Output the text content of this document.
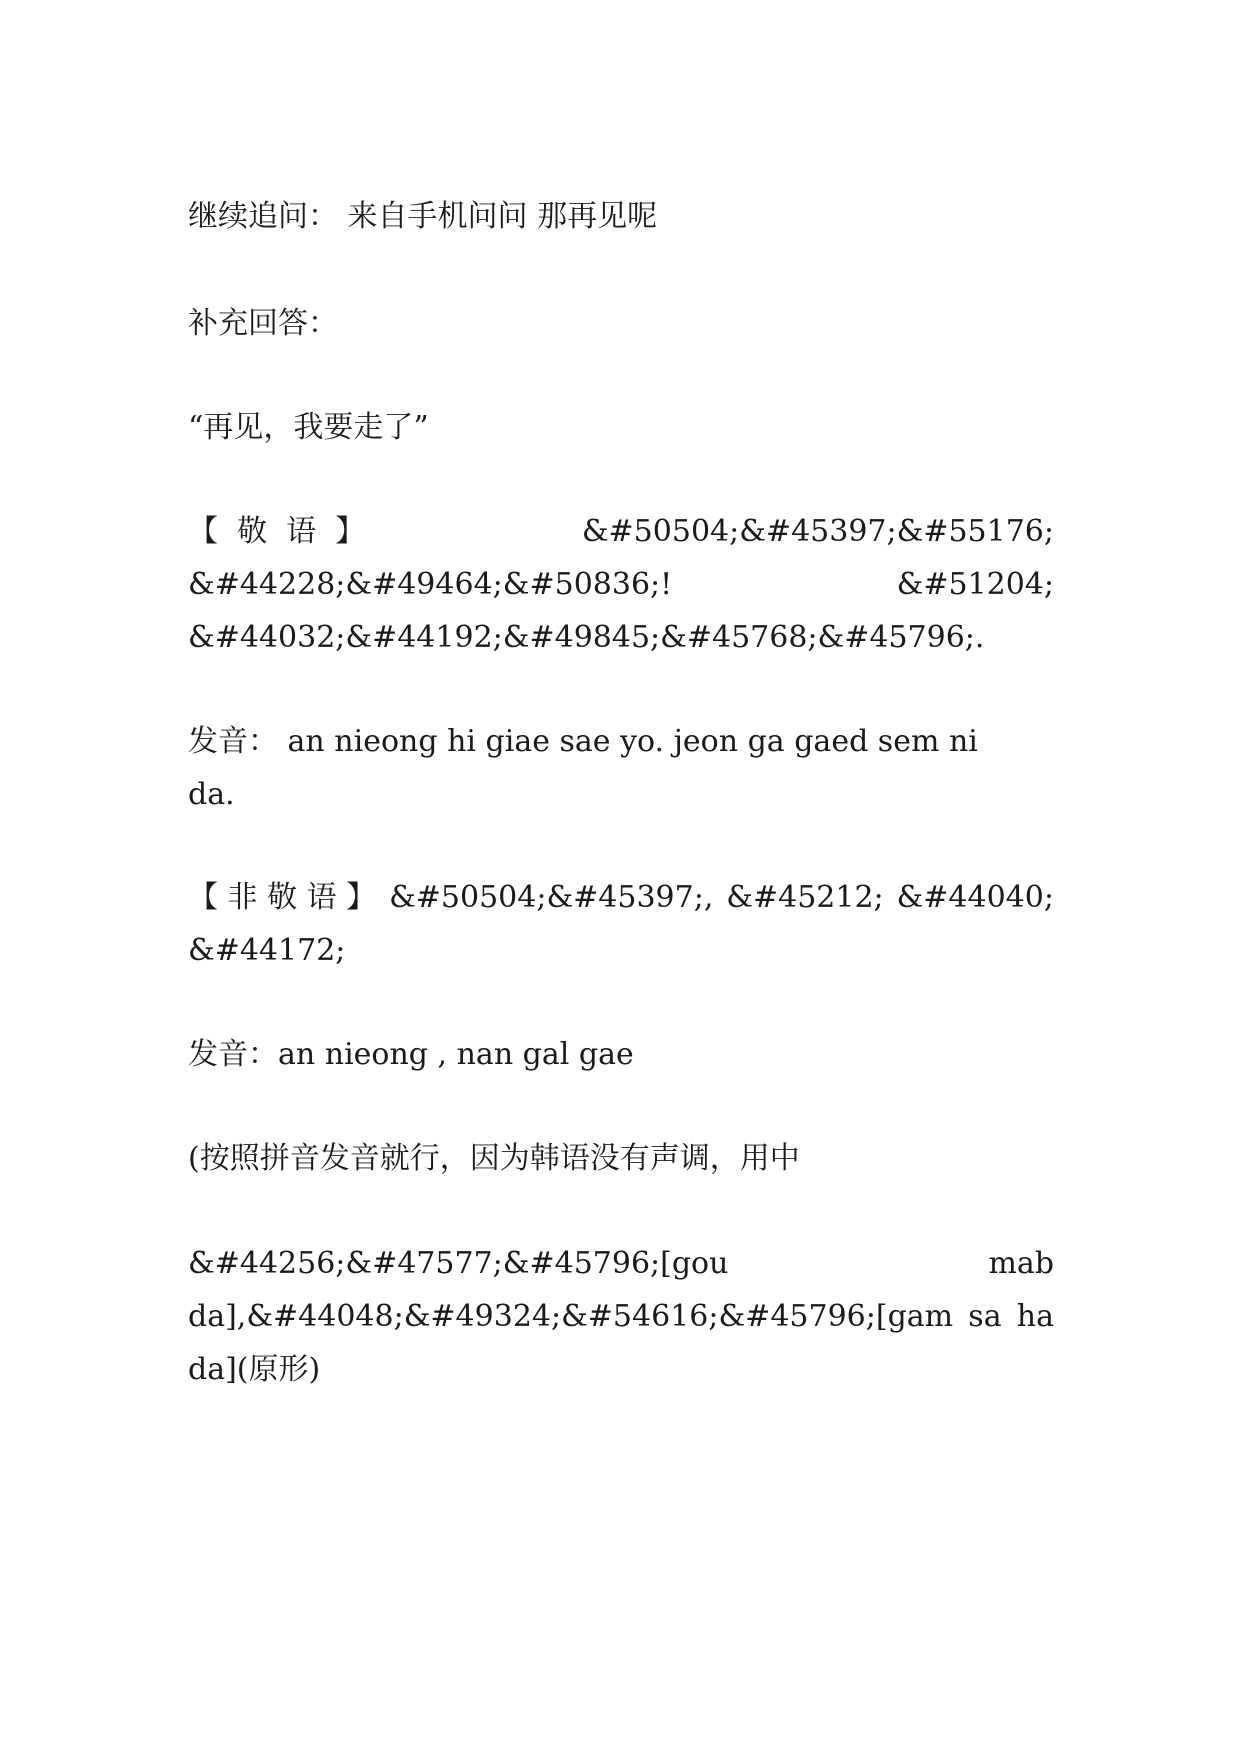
继续追问： 来自手机问问 那再见呢

补充回答：

“再见，我要走了”

【  敬  语  】	&#50504;&#45397;&#55176;
&#44228;&#49464;&#50836;!	&#51204;

&#44032;&#44192;&#49845;&#45768;&#45796;.

发音： an nieong hi giae sae yo. jeon ga gaed sem ni

da.

【 非 敬 语 】 &#50504;&#45397;, &#45212; &#44040;

&#44172;

发音：an nieong , nan gal gae

(按照拼音发音就行，因为韩语没有声调，用中

&#44256;&#47577;&#45796;[gou	mab
da],&#44048;&#49324;&#54616;&#45796;[gam sa ha

da](原形)
